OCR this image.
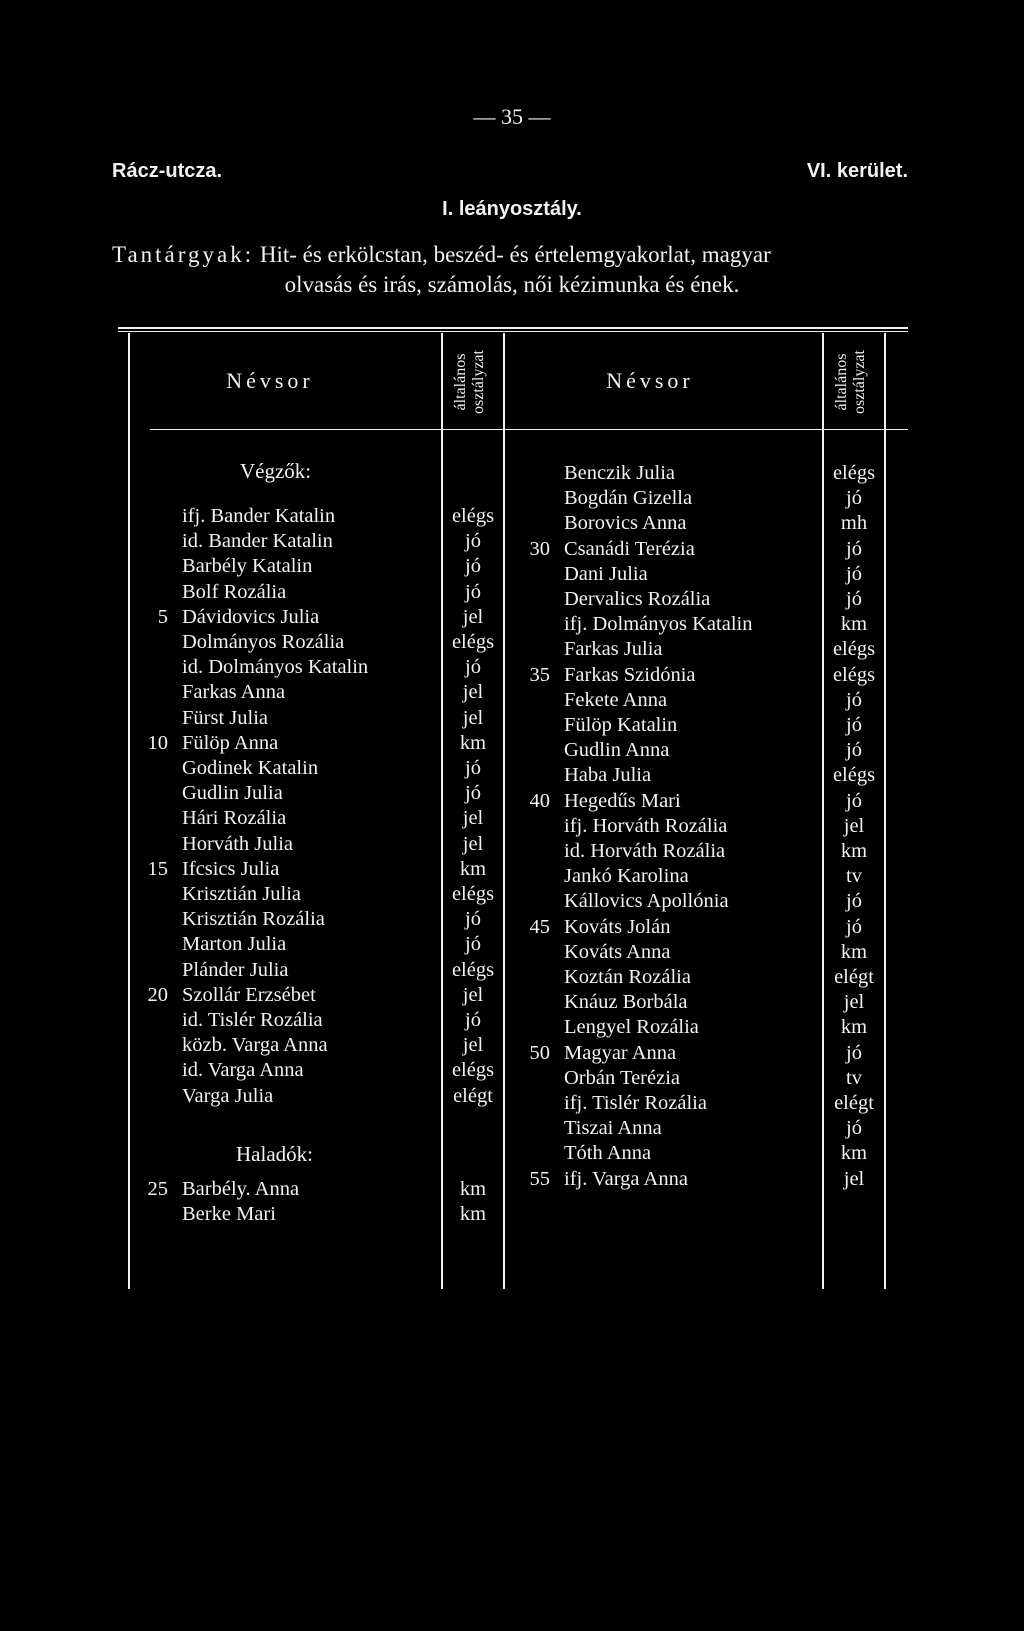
— 35 —
Rácz-utcza.	VI. kerület.
I. leányosztály.
Tantárgyak: Hit- és erkölcstan, beszéd- és értelemgyakorlat, magyar
olvasás és irás, számolás, női kézimunka és ének.
Névsor	Névsor
általános osztályzat	általános osztályzat
Végzők:
Haladók:
ifj. Bander Katalin	elégs
id. Bander Katalin	jó
Barbély Katalin	jó
Bolf Rozália	jó
5 Dávidovics Julia	jel
Dolmányos Rozália	elégs
id. Dolmányos Katalin	jó
Farkas Anna	jel
Fürst Julia	jel
10 Fülöp Anna	km
Godinek Katalin	jó
Gudlin Julia	jó
Hári Rozália	jel
Horváth Julia	jel
15 Ifcsics Julia	km
Krisztián Julia	elégs
Krisztián Rozália	jó
Marton Julia	jó
Plánder Julia	elégs
20 Szollár Erzsébet	jel
id. Tislér Rozália	jó
közb. Varga Anna	jel
id. Varga Anna	elégs
Varga Julia	elégt
25 Barbély. Anna	km
Berke Mari	km
Benczik Julia	elégs
Bogdán Gizella	jó
Borovics Anna	mh
30 Csanádi Terézia	jó
Dani Julia	jó
Dervalics Rozália	jó
ifj. Dolmányos Katalin	km
Farkas Julia	elégs
35 Farkas Szidónia	elégs
Fekete Anna	jó
Fülöp Katalin	jó
Gudlin Anna	jó
Haba Julia	elégs
40 Hegedűs Mari	jó
ifj. Horváth Rozália	jel
id. Horváth Rozália	km
Jankó Karolina	tv
Kállovics Apollónia	jó
45 Kováts Jolán	jó
Kováts Anna	km
Koztán Rozália	elégt
Knáuz Borbála	jel
Lengyel Rozália	km
50 Magyar Anna	jó
Orbán Terézia	tv
ifj. Tislér Rozália	elégt
Tiszai Anna	jó
Tóth Anna	km
55 ifj. Varga Anna	jel
